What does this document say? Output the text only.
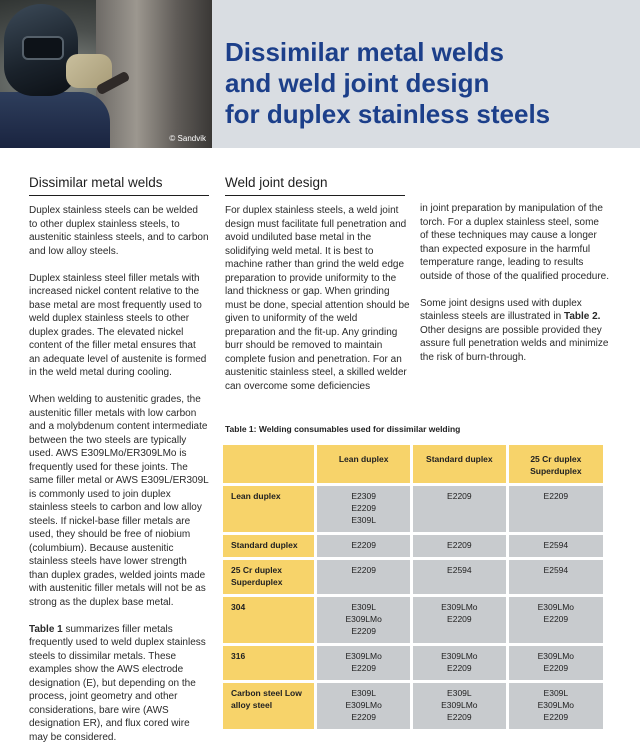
© Sandvik
Dissimilar metal welds
and weld joint design
for duplex stainless steels
Dissimilar metal welds

Duplex stainless steels can be welded to other duplex stainless steels, to austenitic stainless steels, and to carbon and low alloy steels.

Duplex stainless steel filler metals with increased nickel content relative to the base metal are most frequently used to weld duplex stainless steels to other duplex grades. The elevated nickel content of the filler metal ensures that an adequate level of austenite is formed in the weld metal during cooling.

When welding to austenitic grades, the austenitic filler metals with low carbon and a molybdenum content intermediate between the two steels are typically used. AWS E309LMo/ER309LMo is frequently used for these joints. The same filler metal or AWS E309L/ER309L is commonly used to join duplex stainless steels to carbon and low alloy steels. If nickel-base filler metals are used, they should be free of niobium (columbium). Because austenitic stainless steels have lower strength than duplex grades, welded joints made with austenitic filler metals will not be as strong as the duplex base metal.

Table 1 summarizes filler metals frequently used to weld duplex stainless steels to dissimilar metals. These examples show the AWS electrode designation (E), but depending on the process, joint geometry and other considerations, bare wire (AWS designation ER), and flux cored wire may be considered.

Weld joint design

For duplex stainless steels, a weld joint design must facilitate full penetration and avoid undiluted base metal in the solidifying weld metal. It is best to machine rather than grind the weld edge preparation to provide uniformity to the land thickness or gap. When grinding must be done, special attention should be given to uniformity of the weld preparation and the fit-up. Any grinding burr should be removed to maintain complete fusion and penetration. For an austenitic stainless steel, a skilled welder can overcome some deficiencies

in joint preparation by manipulation of the torch. For a duplex stainless steel, some of these techniques may cause a longer than expected exposure in the harmful temperature range, leading to results outside of those of the qualified procedure.

Some joint designs used with duplex stainless steels are illustrated in Table 2. Other designs are possible provided they assure full penetration welds and minimize the risk of burn-through.

Table 1: Welding consumables used for dissimilar welding
	Lean duplex	Standard duplex	25 Cr duplex Superduplex
Lean duplex	E2309
E2209
E309L	E2209	E2209

Standard duplex	E2209	E2209	E2594

25 Cr duplex Superduplex	E2209	E2594	E2594

304	E309L
E309LMo
E2209	E309LMo
E2209	E309LMo
E2209

316	E309LMo
E2209	E309LMo
E2209	E309LMo
E2209

Carbon steel Low alloy steel	E309L
E309LMo
E2209	E309L
E309LMo
E2209	E309L
E309LMo
E2209
